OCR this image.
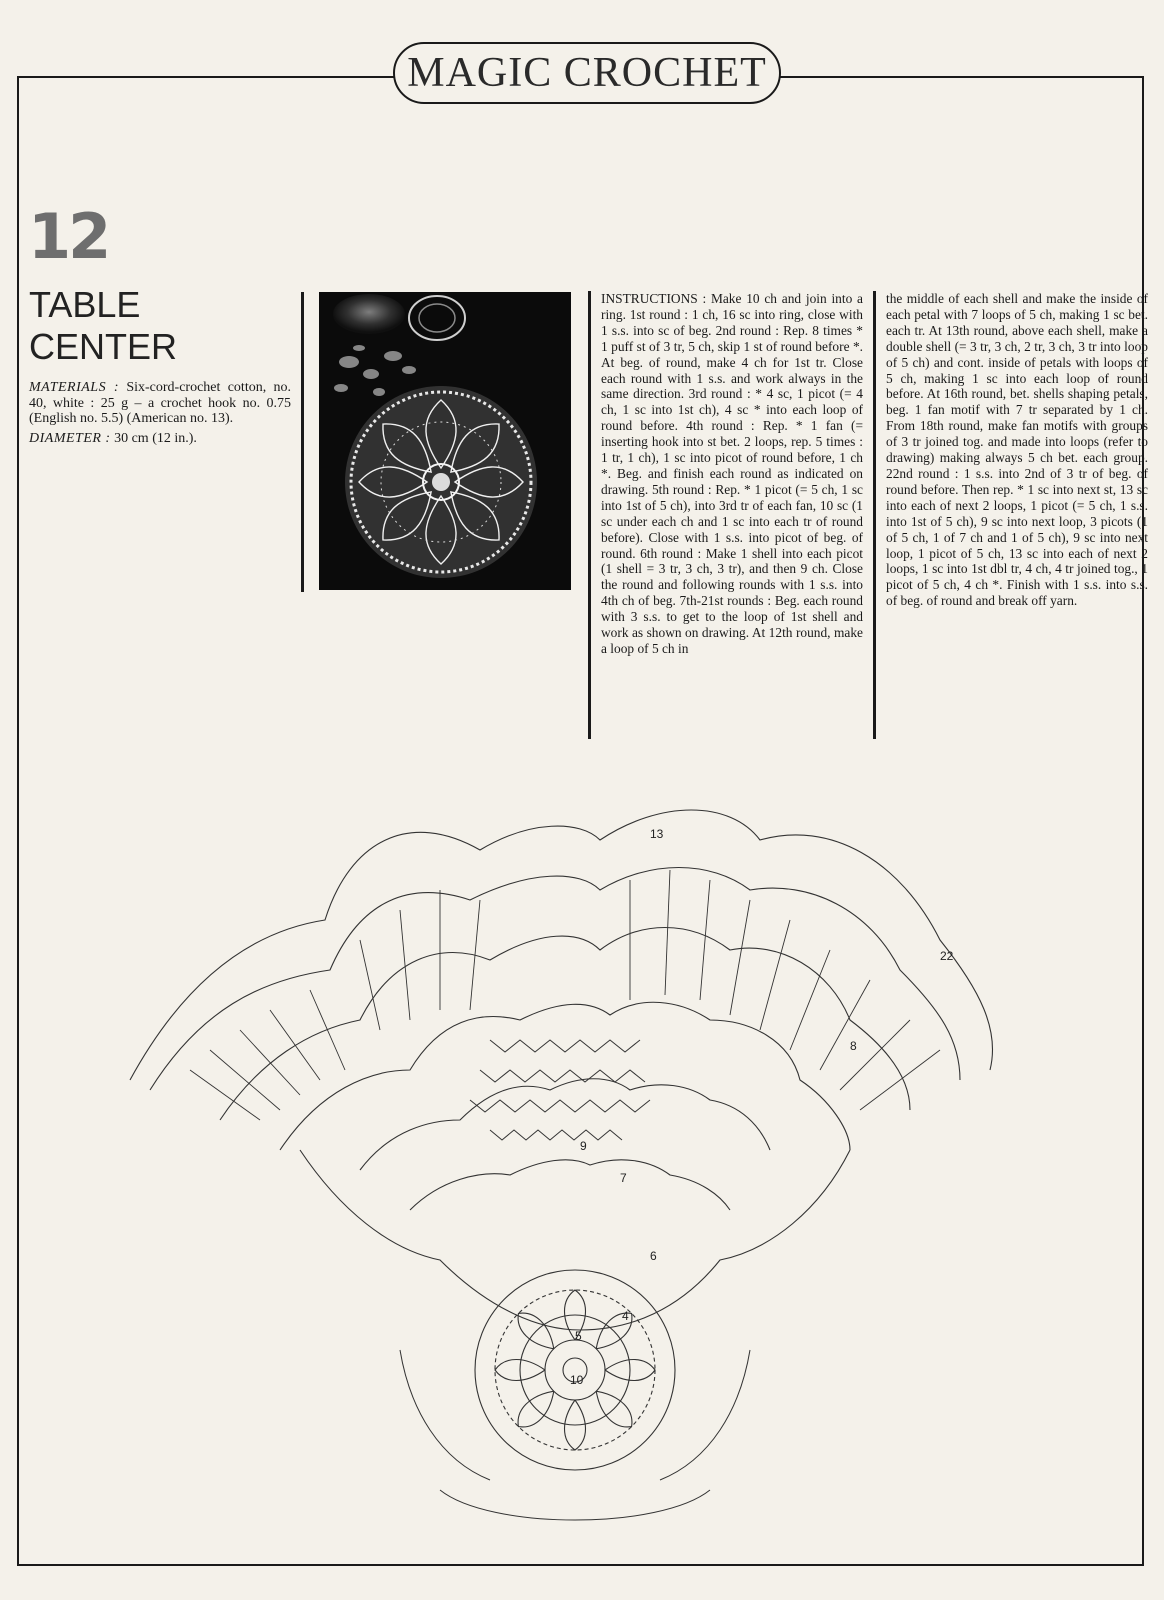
MAGIC CROCHET
12
TABLE
CENTER

MATERIALS : Six-cord-crochet cotton, no. 40, white : 25 g – a crochet hook no. 0.75 (English no. 5.5) (American no. 13).

DIAMETER : 30 cm (12 in.).

INSTRUCTIONS : Make 10 ch and join into a ring. 1st round : 1 ch, 16 sc into ring, close with 1 s.s. into sc of beg. 2nd round : Rep. 8 times * 1 puff st of 3 tr, 5 ch, skip 1 st of round before *. At beg. of round, make 4 ch for 1st tr. Close each round with 1 s.s. and work always in the same direction. 3rd round : * 4 sc, 1 picot (= 4 ch, 1 sc into 1st ch), 4 sc * into each loop of round before. 4th round : Rep. * 1 fan (= inserting hook into st bet. 2 loops, rep. 5 times : 1 tr, 1 ch), 1 sc into picot of round before, 1 ch *. Beg. and finish each round as indicated on drawing. 5th round : Rep. * 1 picot (= 5 ch, 1 sc into 1st of 5 ch), into 3rd tr of each fan, 10 sc (1 sc under each ch and 1 sc into each tr of round before). Close with 1 s.s. into picot of beg. of round. 6th round : Make 1 shell into each picot (1 shell = 3 tr, 3 ch, 3 tr), and then 9 ch. Close the round and following rounds with 1 s.s. into 4th ch of beg. 7th-21st rounds : Beg. each round with 3 s.s. to get to the loop of 1st shell and work as shown on drawing. At 12th round, make a loop of 5 ch in
the middle of each shell and make the inside of each petal with 7 loops of 5 ch, making 1 sc bet. each tr. At 13th round, above each shell, make a double shell (= 3 tr, 3 ch, 2 tr, 3 ch, 3 tr into loop of 5 ch) and cont. inside of petals with loops of 5 ch, making 1 sc into each loop of round before. At 16th round, bet. shells shaping petals, beg. 1 fan motif with 7 tr separated by 1 ch. From 18th round, make fan motifs with groups of 3 tr joined tog. and made into loops (refer to drawing) making always 5 ch bet. each group. 22nd round : 1 s.s. into 2nd of 3 tr of beg. of round before. Then rep. * 1 sc into next st, 13 sc into each of next 2 loops, 1 picot (= 5 ch, 1 s.s. into 1st of 5 ch), 9 sc into next loop, 3 picots (1 of 5 ch, 1 of 7 ch and 1 of 5 ch), 9 sc into next loop, 1 picot of 5 ch, 13 sc into each of next 2 loops, 1 sc into 1st dbl tr, 4 ch, 4 tr joined tog., 1 picot of 5 ch, 4 ch *. Finish with 1 s.s. into s.s. of beg. of round and break off yarn.
10
5
9
7
13
4
6
8
22
